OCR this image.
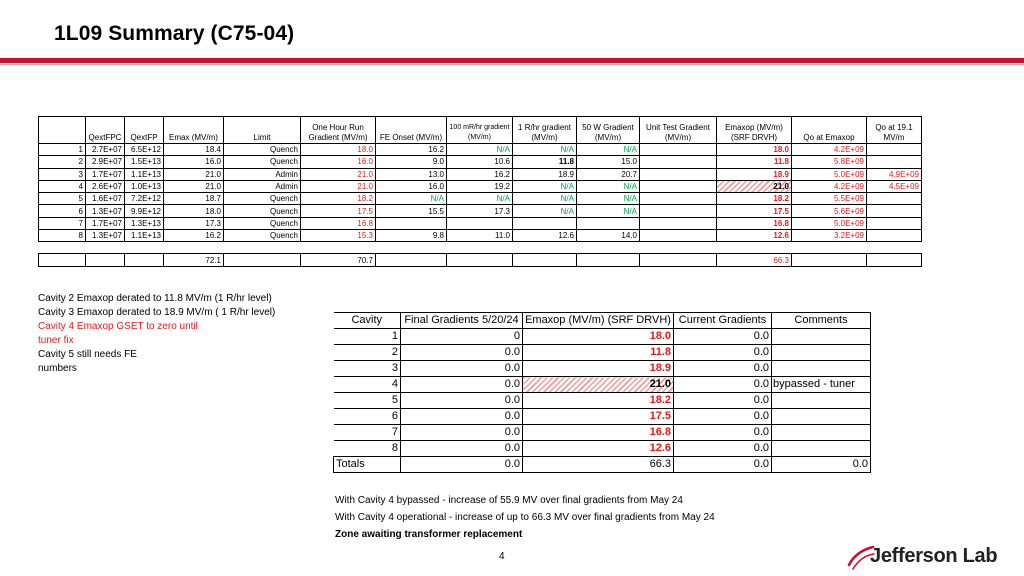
1L09 Summary (C75-04)
	QextFPC	QextFP	Emax (MV/m)	Limit	One Hour Run Gradient (MV/m)	FE Onset (MV/m)	100 mR/hr gradient (MV/m)	1 R/hr gradient (MV/m)	50 W Gradient (MV/m)	Unit Test Gradient (MV/m)	Emaxop (MV/m) (SRF DRVH)	Qo at Emaxop	Qo at 19.1 MV/m
1	2.7E+07	6.5E+12	18.4	Quench	18.0	16.2	N/A	N/A	N/A		18.0	4.2E+09	
2	2.9E+07	1.5E+13	16.0	Quench	16.0	9.0	10.6	11.8	15.0		11.8	5.8E+09	
3	1.7E+07	1.1E+13	21.0	Admin	21.0	13.0	16.2	18.9	20.7		18.9	5.0E+09	4.9E+09
4	2.6E+07	1.0E+13	21.0	Admin	21.0	16.0	19.2	N/A	N/A		21.0	4.2E+09	4.5E+09
5	1.6E+07	7.2E+12	18.7	Quench	18.2	N/A	N/A	N/A	N/A		18.2	5.5E+09	
6	1.3E+07	9.9E+12	18.0	Quench	17.5	15.5	17.3	N/A	N/A		17.5	5.6E+09	
7	1.7E+07	1.3E+13	17.3	Quench	16.8						16.8	5.0E+09	
8	1.3E+07	1.1E+13	16.2	Quench	15.3	9.8	11.0	12.6	14.0		12.6	3.2E+09	

			72.1		70.7						66.3		
Cavity 2 Emaxop derated to 11.8 MV/m (1 R/hr level)
Cavity 3 Emaxop derated to 18.9 MV/m ( 1 R/hr level)
Cavity 4 Emaxop GSET to zero until
tuner fix
Cavity 5 still needs FE
numbers
Cavity	Final Gradients 5/20/24	Emaxop (MV/m) (SRF DRVH)	Current Gradients	Comments
1	0	18.0	0.0	
2	0.0	11.8	0.0	
3	0.0	18.9	0.0	
4	0.0	21.0	0.0	bypassed - tuner
5	0.0	18.2	0.0	
6	0.0	17.5	0.0	
7	0.0	16.8	0.0	
8	0.0	12.6	0.0	
Totals	0.0	66.3	0.0	0.0
With Cavity 4 bypassed - increase of 55.9 MV over final gradients from May 24
With Cavity 4 operational - increase of up to 66.3 MV over final gradients from May 24
Zone awaiting transformer replacement
4	Jefferson Lab
